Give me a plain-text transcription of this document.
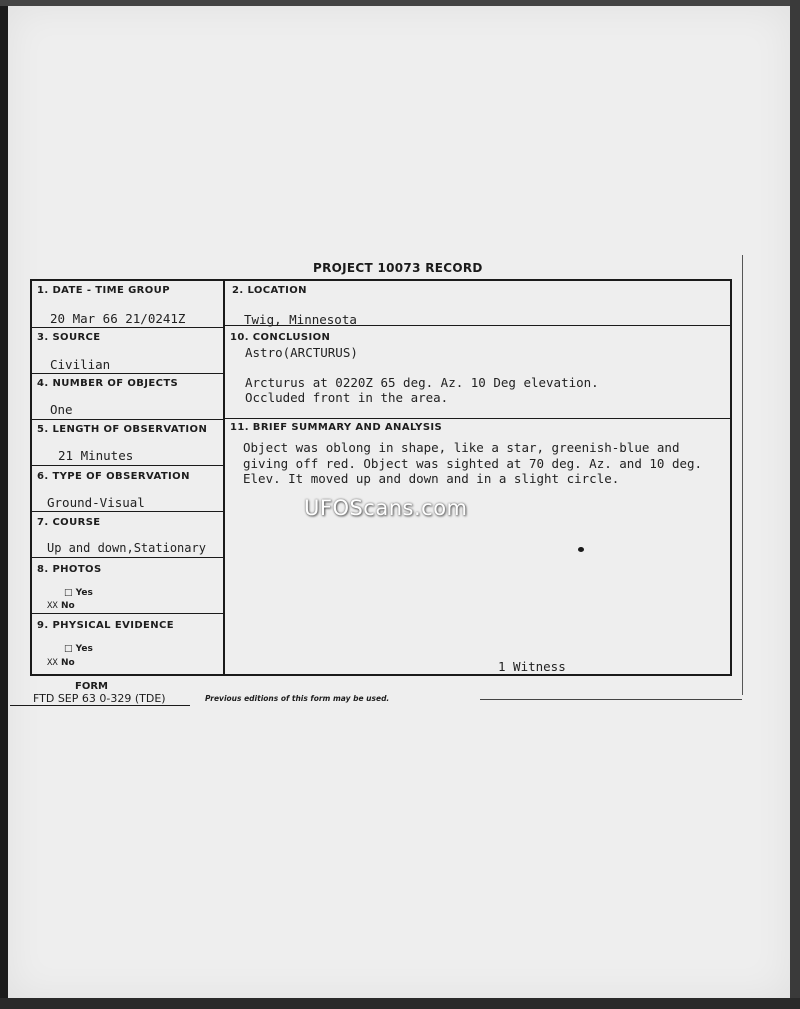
PROJECT 10073 RECORD
1. DATE - TIME GROUP
20 Mar 66 21/0241Z
2. LOCATION
Twig, Minnesota
3. SOURCE
Civilian
10. CONCLUSION
Astro(ARCTURUS)
Arcturus at 0220Z 65 deg. Az. 10 Deg elevation.
Occluded front in the area.
4. NUMBER OF OBJECTS
One
5. LENGTH OF OBSERVATION
21 Minutes
11. BRIEF SUMMARY AND ANALYSIS
Object was oblong in shape, like a star, greenish-blue and
giving off red. Object was sighted at 70 deg. Az. and 10 deg.
Elev. It moved up and down and in a slight circle.
1 Witness
6. TYPE OF OBSERVATION
Ground-Visual
7. COURSE
Up and down,Stationary
8. PHOTOS
□ Yes
XX No
9. PHYSICAL EVIDENCE
□ Yes
XX No
UFOScans.com
FORM
FTD SEP 63 0-329 (TDE)	Previous editions of this form may be used.
